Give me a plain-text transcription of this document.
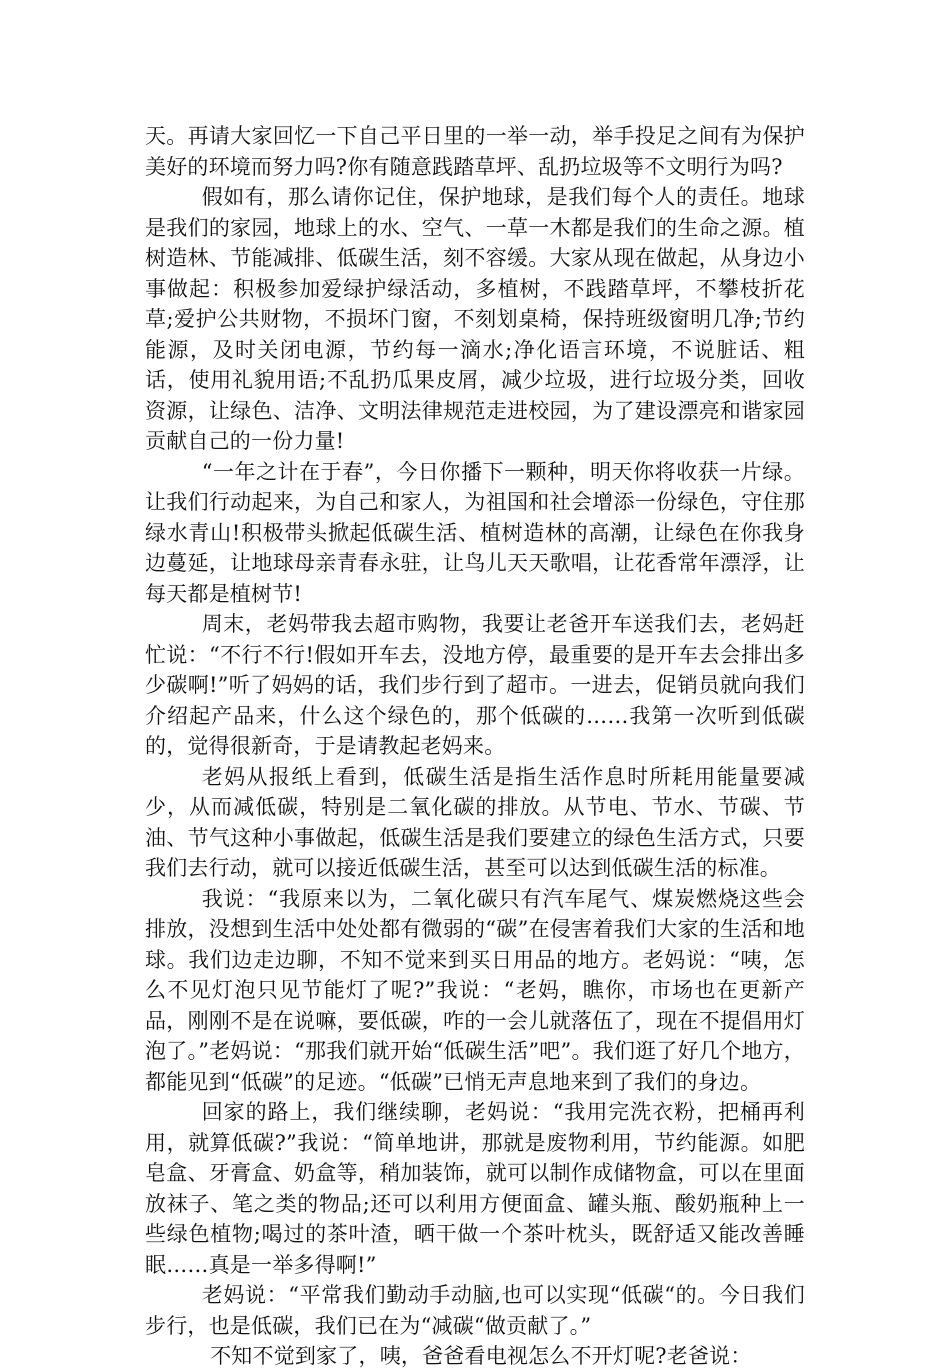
天。再请大家回忆一下自己平日里的一举一动，举手投足之间有为保护美好的环境而努力吗?你有随意践踏草坪、乱扔垃圾等不文明行为吗?

假如有，那么请你记住，保护地球，是我们每个人的责任。地球是我们的家园，地球上的水、空气、一草一木都是我们的生命之源。植树造林、节能减排、低碳生活，刻不容缓。大家从现在做起，从身边小事做起：积极参加爱绿护绿活动，多植树，不践踏草坪，不攀枝折花草;爱护公共财物，不损坏门窗，不刻划桌椅，保持班级窗明几净;节约能源，及时关闭电源，节约每一滴水;净化语言环境，不说脏话、粗话，使用礼貌用语;不乱扔瓜果皮屑，减少垃圾，进行垃圾分类，回收资源，让绿色、洁净、文明法律规范走进校园，为了建设漂亮和谐家园贡献自己的一份力量!

“一年之计在于春”，今日你播下一颗种，明天你将收获一片绿。让我们行动起来，为自己和家人，为祖国和社会增添一份绿色，守住那绿水青山!积极带头掀起低碳生活、植树造林的高潮，让绿色在你我身边蔓延，让地球母亲青春永驻，让鸟儿天天歌唱，让花香常年漂浮，让每天都是植树节!

周末，老妈带我去超市购物，我要让老爸开车送我们去，老妈赶忙说：“不行不行!假如开车去，没地方停，最重要的是开车去会排出多少碳啊!”听了妈妈的话，我们步行到了超市。一进去，促销员就向我们介绍起产品来，什么这个绿色的，那个低碳的……我第一次听到低碳的，觉得很新奇，于是请教起老妈来。

老妈从报纸上看到，低碳生活是指生活作息时所耗用能量要减少，从而减低碳，特别是二氧化碳的排放。从节电、节水、节碳、节油、节气这种小事做起，低碳生活是我们要建立的绿色生活方式，只要我们去行动，就可以接近低碳生活，甚至可以达到低碳生活的标准。

我说：“我原来以为，二氧化碳只有汽车尾气、煤炭燃烧这些会排放，没想到生活中处处都有微弱的“碳”在侵害着我们大家的生活和地球。我们边走边聊，不知不觉来到买日用品的地方。老妈说：“咦，怎么不见灯泡只见节能灯了呢?”我说：“老妈，瞧你，市场也在更新产品，刚刚不是在说嘛，要低碳，咋的一会儿就落伍了，现在不提倡用灯泡了。”老妈说：“那我们就开始“低碳生活”吧”。我们逛了好几个地方，都能见到“低碳”的足迹。“低碳”已悄无声息地来到了我们的身边。

回家的路上，我们继续聊，老妈说：“我用完洗衣粉，把桶再利用，就算低碳?”我说：“简单地讲，那就是废物利用，节约能源。如肥皂盒、牙膏盒、奶盒等，稍加装饰，就可以制作成储物盒，可以在里面放袜子、笔之类的物品;还可以利用方便面盒、罐头瓶、酸奶瓶种上一些绿色植物;喝过的茶叶渣，晒干做一个茶叶枕头，既舒适又能改善睡眠……真是一举多得啊!”

老妈说：“平常我们勤动手动脑,也可以实现“低碳“的。今日我们步行，也是低碳，我们已在为“减碳“做贡献了。”

不知不觉到家了，咦，爸爸看电视怎么不开灯呢?老爸说：
